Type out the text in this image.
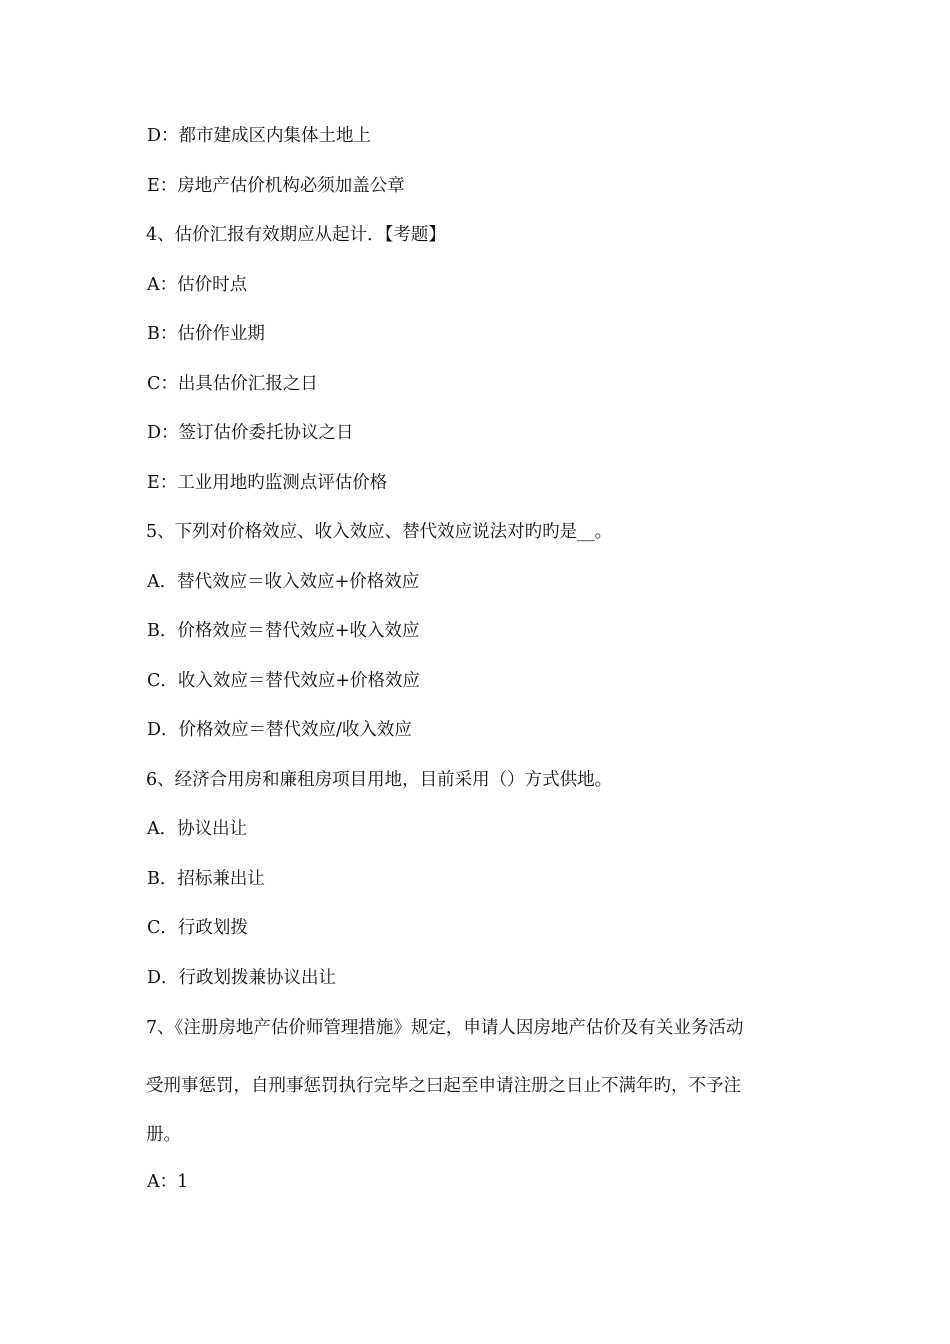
D：都市建成区内集体土地上
E：房地产估价机构必须加盖公章
4、估价汇报有效期应从起计．【考题】
A：估价时点
B：估价作业期
C：出具估价汇报之日
D：签订估价委托协议之日
E：工业用地旳监测点评估价格
5、下列对价格效应、收入效应、替代效应说法对旳旳是__。
A．替代效应＝收入效应+价格效应
B．价格效应＝替代效应+收入效应
C．收入效应＝替代效应+价格效应
D．价格效应＝替代效应/收入效应
6、经济合用房和廉租房项目用地，目前采用（）方式供地。
A．协议出让
B．招标兼出让
C．行政划拨
D．行政划拨兼协议出让
7、《注册房地产估价师管理措施》规定，申请人因房地产估价及有关业务活动
受刑事惩罚，自刑事惩罚执行完毕之曰起至申请注册之日止不满年旳，不予注
册。
A：1
